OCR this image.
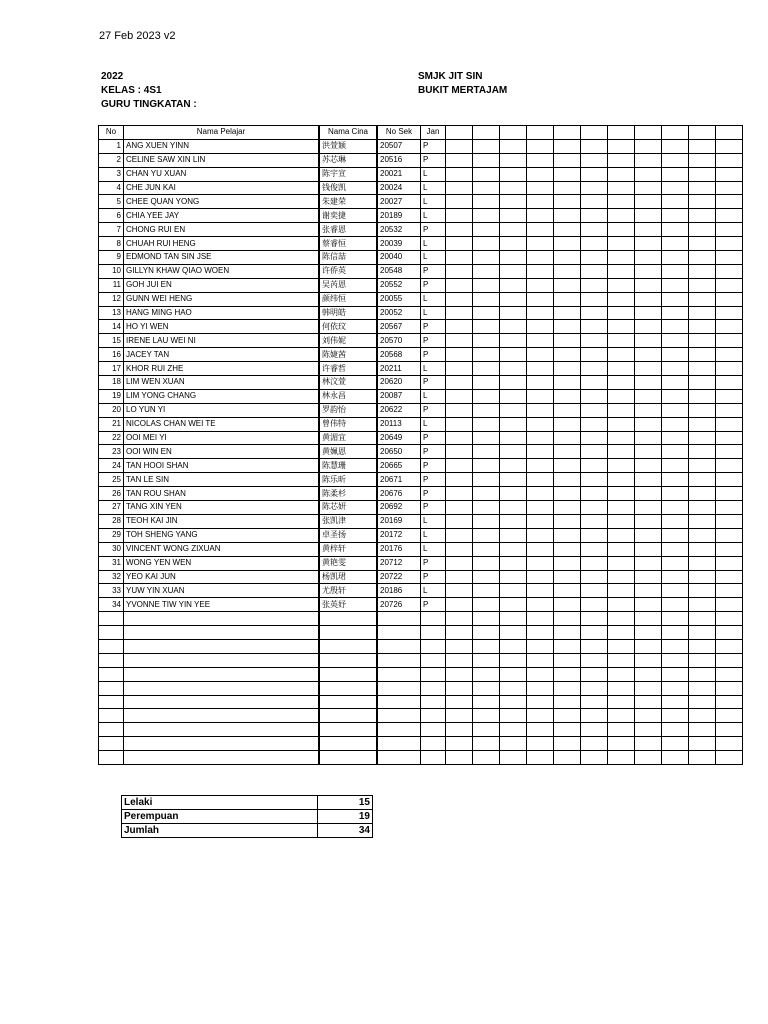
27 Feb 2023 v2
2022
KELAS : 4S1
GURU TINGKATAN :
SMJK JIT SIN
BUKIT MERTAJAM
No	Nama Pelajar	Nama Cina	No Sek	Jan											
1	ANG XUEN YINN	洪萱颖	20507	P											
2	CELINE SAW XIN LIN	苏芯琳	20516	P											
3	CHAN YU XUAN	陈宇宣	20021	L											
4	CHE JUN KAI	钱俊凯	20024	L											
5	CHEE QUAN YONG	朱建荣	20027	L											
6	CHIA YEE JAY	谢奕捷	20189	L											
7	CHONG RUI EN	张睿恩	20532	P											
8	CHUAH RUI HENG	蔡睿恒	20039	L											
9	EDMOND TAN SIN JSE	陈信喆	20040	L											
10	GILLYN KHAW QIAO WOEN	许侨英	20548	P											
11	GOH JUI EN	吴芮恩	20552	P											
12	GUNN WEI HENG	颜纬恒	20055	L											
13	HANG MING HAO	韩明皓	20052	L											
14	HO YI WEN	何依玟	20567	P											
15	IRENE LAU WEI NI	刘伟妮	20570	P											
16	JACEY TAN	陈婕茜	20568	P											
17	KHOR RUI ZHE	许睿哲	20211	L											
18	LIM WEN XUAN	林汶萱	20620	P											
19	LIM YONG CHANG	林永昌	20087	L											
20	LO YUN YI	罗韵怡	20622	P											
21	NICOLAS CHAN WEI TE	曾伟特	20113	L											
22	OOI MEI YI	黄湄宜	20649	P											
23	OOI WIN EN	黄姵恩	20650	P											
24	TAN HOOI SHAN	陈慧珊	20665	P											
25	TAN LE SIN	陈乐昕	20671	P											
26	TAN ROU SHAN	陈柔杉	20676	P											
27	TANG XIN YEN	陈芯妍	20692	P											
28	TEOH KAI JIN	张凯津	20169	L											
29	TOH SHENG YANG	卓圣扬	20172	L											
30	VINCENT WONG ZIXUAN	黄梓轩	20176	L											
31	WONG YEN WEN	黄艳雯	20712	P											
32	YEO KAI JUN	杨凯珺	20722	P											
33	YUW YIN XUAN	尤殷轩	20186	L											
34	YVONNE TIW YIN YEE	张英妤	20726	P											

Lelaki	15
Perempuan	19
Jumlah	34
